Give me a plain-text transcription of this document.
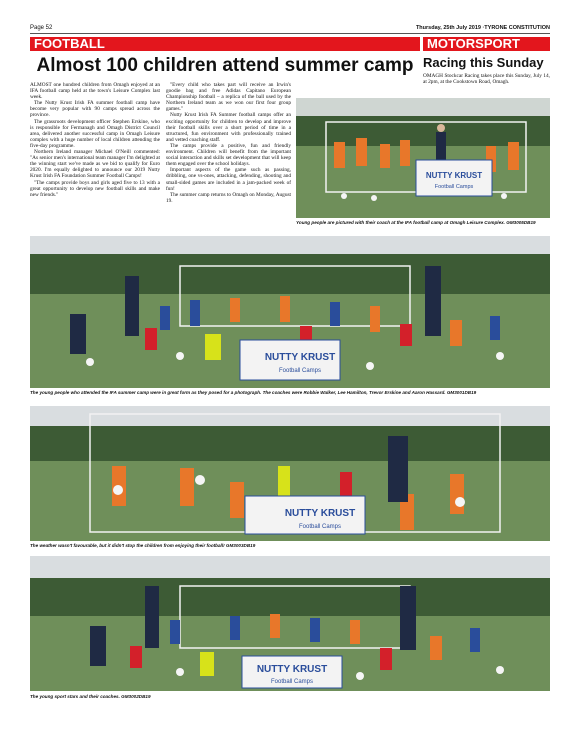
Page 52	Thursday, 25th July 2019 ·TYRONE CONSTITUTION
FOOTBALL	MOTORSPORT
Almost 100 children attend summer camp Racing this Sunday
OMAGH Stockcar Racing takes place this Sunday, July 14, at 2pm, at the Cookstown Road, Omagh.

ALMOST one hundred children from Omagh enjoyed at an IFA football camp held at the town's Leisure Complex last week.

The Nutty Krust Irish FA summer football camp have become very popular with 90 camps spread across the province.

The grassroots development officer Stephen Erskine, who is responsible for Fermanagh and Omagh District Council area, delivered another successful camp in Omagh Leisure complex with a huge number of local children attending the five-day programme.

Northern Ireland manager Michael O'Neill commented: "As senior men's international team manager I'm delighted at the winning start we've made as we bid to qualify for Euro 2020. I'm equally delighted to announce our 2019 Nutty Krust Irish FA Foundation Summer Football Camps!

"The camps provide boys and girls aged five to 13 with a great opportunity to develop new football skills and make new friends."

"Every child who takes part will receive an Irwin's goodie bag and free Adidas Capitano European Championship football – a replica of the ball used by the Northern Ireland team as we won our first four group games."

Nutty Krust Irish FA Summer football camps offer an exciting opportunity for children to develop and improve their football skills over a short period of time in a structured, fun environment with professionally trained and vetted coaching staff.

The camps provide a positive, fun and friendly environment. Children will benefit from the important social interaction and skills set development that will keep them engaged over the school holidays.

Important aspects of the game such as passing, dribbling, one vs-ones, attacking, defending, shooting and small-sided games are included in a jam-packed week of fun!

The summer camp returns to Omagh on Monday, August 19.

NUTTY KRUST
Football Camps
Young people are pictured with their coach at the IFA football camp at Omagh Leisure Complex. GM3005DB19
NUTTY KRUST
Football Camps
The young people who attended the IFA summer camp were in great form as they posed for a photograph. The coaches were Robbie Walker, Lee Hamilton, Trevor Erskine and Aaron Hassard. GM3001DB19
NUTTY KRUST
Football Camps
The weather wasn't favourable, but it didn't stop the children from enjoying their football! GM3003DB19
NUTTY KRUST
Football Camps
The young sport stars and their coaches. GM3002DB19
